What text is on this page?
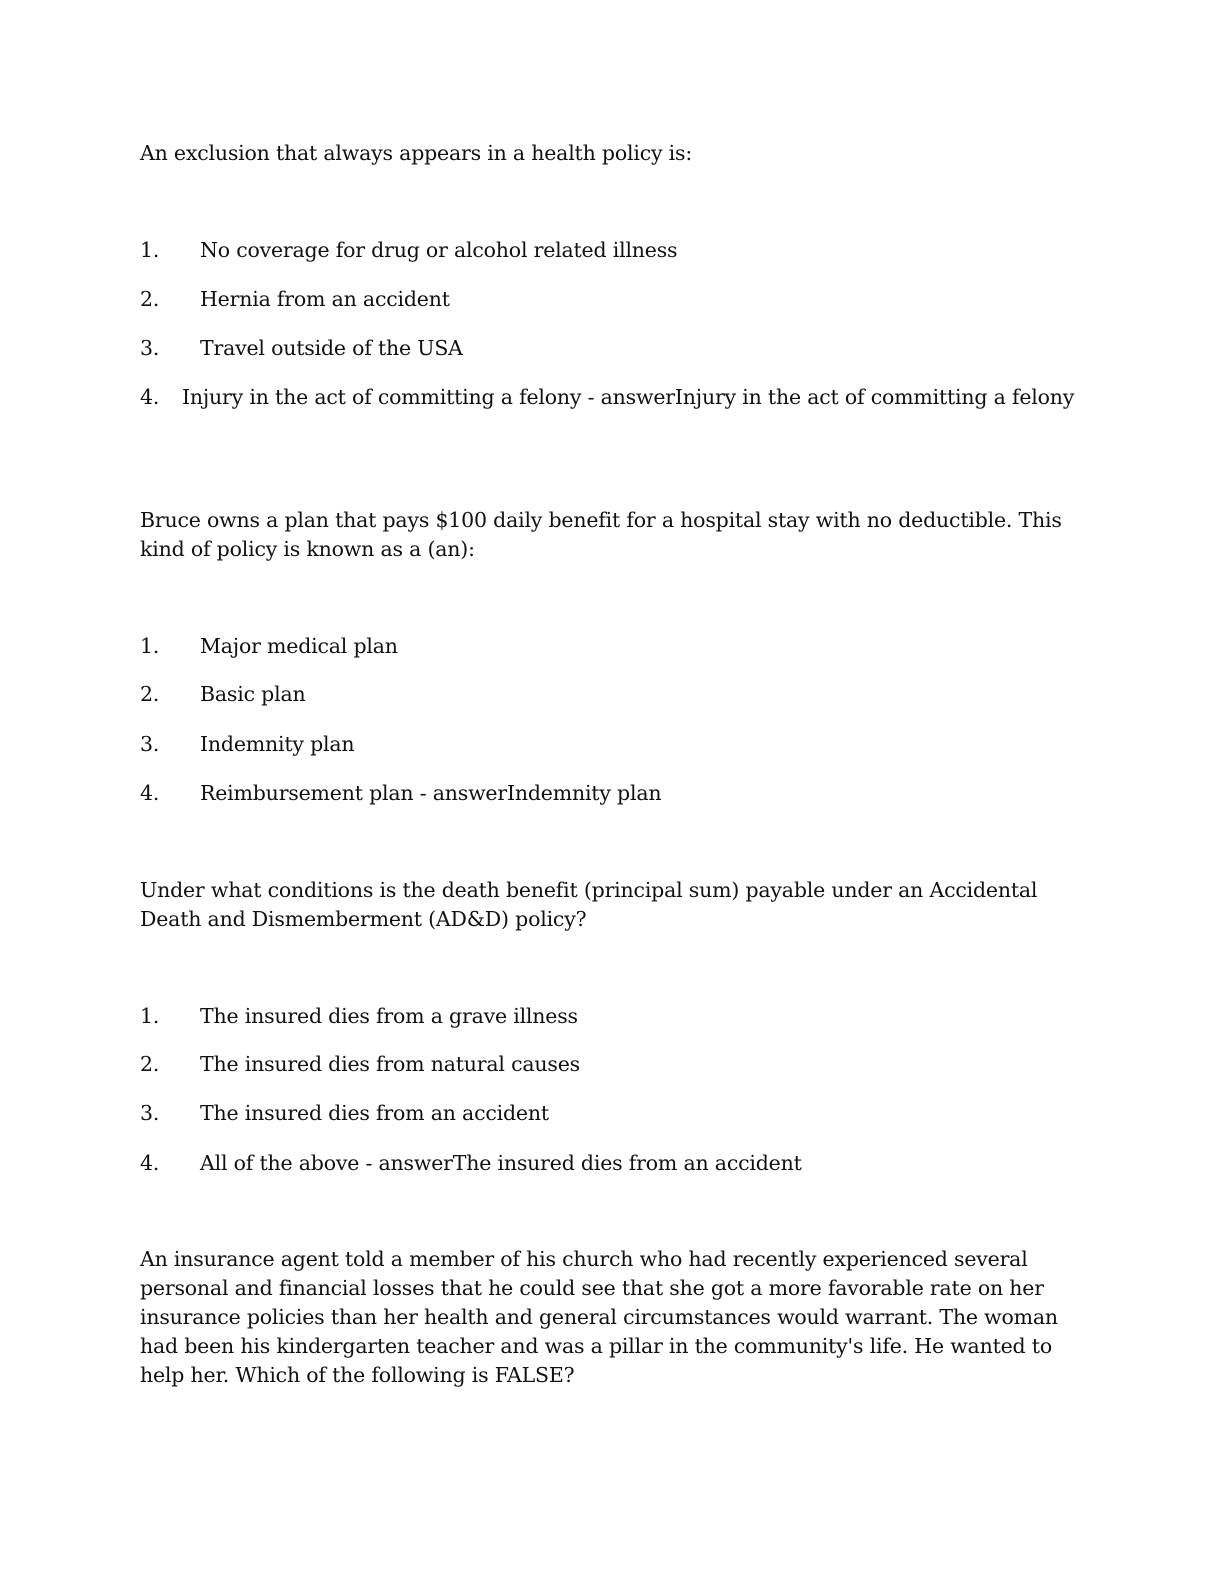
An exclusion that always appears in a health policy is:

1.	No coverage for drug or alcohol related illness
2.	Hernia from an accident
3.	Travel outside of the USA
4. Injury in the act of committing a felony - answerInjury in the act of committing a felony

Bruce owns a plan that pays $100 daily benefit for a hospital stay with no deductible. This kind of policy is known as a (an):

1.	Major medical plan
2.	Basic plan
3.	Indemnity plan
4.	Reimbursement plan - answerIndemnity plan

Under what conditions is the death benefit (principal sum) payable under an Accidental Death and Dismemberment (AD&D) policy?

1.	The insured dies from a grave illness
2.	The insured dies from natural causes
3.	The insured dies from an accident
4.	All of the above - answerThe insured dies from an accident

An insurance agent told a member of his church who had recently experienced several personal and financial losses that he could see that she got a more favorable rate on her insurance policies than her health and general circumstances would warrant. The woman had been his kindergarten teacher and was a pillar in the community's life. He wanted to help her. Which of the following is FALSE?
